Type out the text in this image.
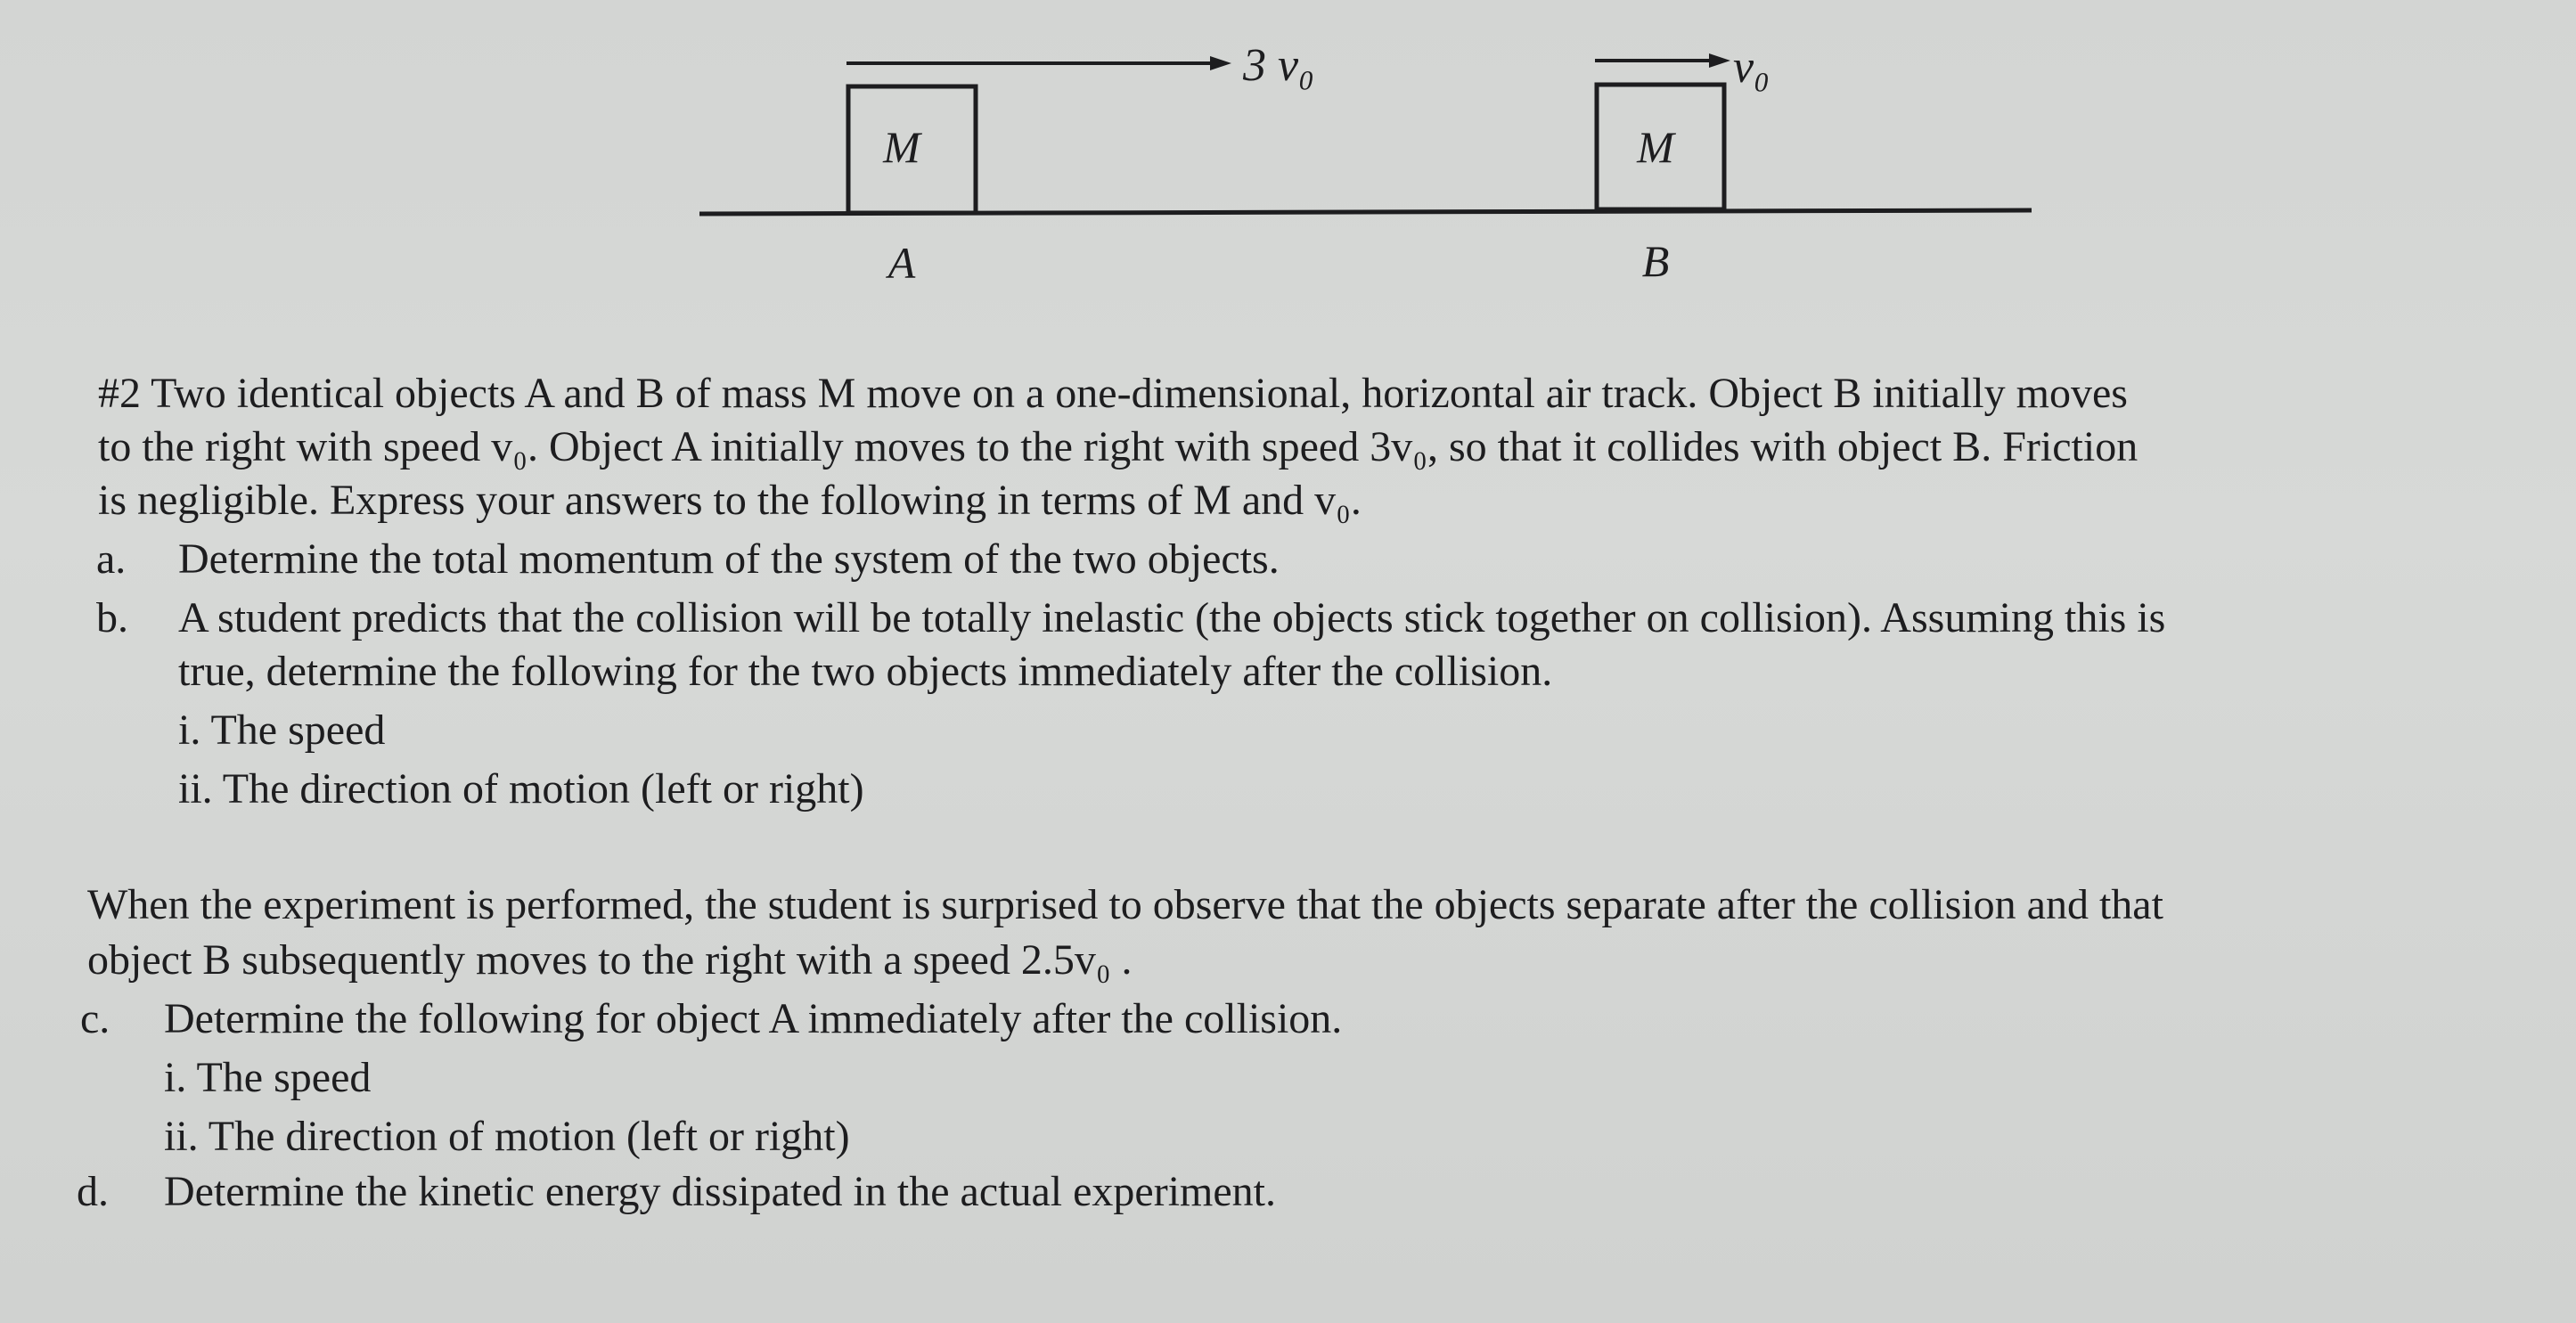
M
A
3 v₀
M
B
v₀

#2 Two identical objects A and B of mass M move on a one-dimensional, horizontal air track. Object B initially moves

to the right with speed v₀. Object A initially moves to the right with speed 3v₀, so that it collides with object B. Friction

is negligible. Express your answers to the following in terms of M and v₀.

a. Determine the total momentum of the system of the two objects.

b. A student predicts that the collision will be totally inelastic (the objects stick together on collision). Assuming this is

true, determine the following for the two objects immediately after the collision.

i. The speed

ii. The direction of motion (left or right)

When the experiment is performed, the student is surprised to observe that the objects separate after the collision and that

object B subsequently moves to the right with a speed 2.5v₀ .

c. Determine the following for object A immediately after the collision.

i. The speed

ii. The direction of motion (left or right)

d. Determine the kinetic energy dissipated in the actual experiment.
